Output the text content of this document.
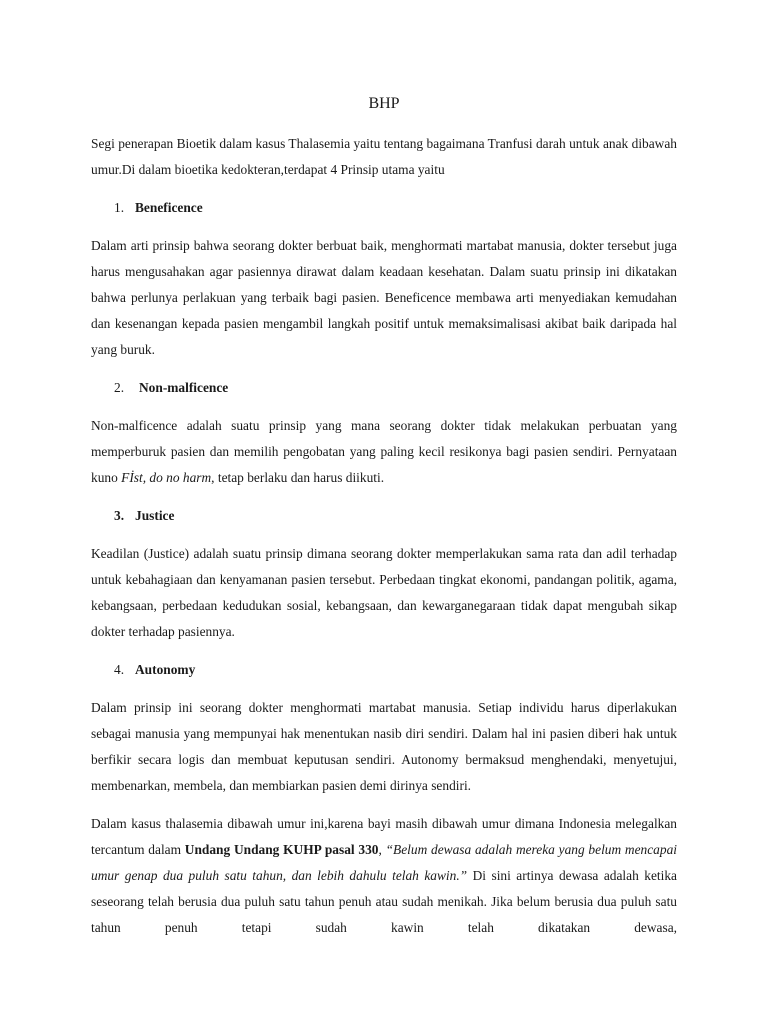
BHP

Segi penerapan Bioetik dalam kasus Thalasemia yaitu tentang bagaimana Tranfusi darah untuk anak dibawah umur.Di dalam bioetika kedokteran,terdapat 4 Prinsip utama yaitu

1. Beneficence

Dalam arti prinsip bahwa seorang dokter berbuat baik, menghormati martabat manusia, dokter tersebut juga harus mengusahakan agar pasiennya dirawat dalam keadaan kesehatan. Dalam suatu prinsip ini dikatakan bahwa perlunya perlakuan yang terbaik bagi pasien. Beneficence membawa arti menyediakan kemudahan dan kesenangan kepada pasien mengambil langkah positif untuk memaksimalisasi akibat baik daripada hal yang buruk.

2.	Non-malficence

Non-malficence adalah suatu prinsip yang mana seorang dokter tidak melakukan perbuatan yang memperburuk pasien dan memilih pengobatan yang paling kecil resikonya bagi pasien sendiri. Pernyataan kuno Fİst, do no harm, tetap berlaku dan harus diikuti.

3. Justice

Keadilan (Justice) adalah suatu prinsip dimana seorang dokter memperlakukan sama rata dan adil terhadap untuk kebahagiaan dan kenyamanan pasien tersebut. Perbedaan tingkat ekonomi, pandangan politik, agama, kebangsaan, perbedaan kedudukan sosial, kebangsaan, dan kewarganegaraan tidak dapat mengubah sikap dokter terhadap pasiennya.

4. Autonomy

Dalam prinsip ini seorang dokter menghormati martabat manusia. Setiap individu harus diperlakukan sebagai manusia yang mempunyai hak menentukan nasib diri sendiri. Dalam hal ini pasien diberi hak untuk berfikir secara logis dan membuat keputusan sendiri. Autonomy bermaksud menghendaki, menyetujui, membenarkan, membela, dan membiarkan pasien demi dirinya sendiri.

Dalam kasus thalasemia dibawah umur ini,karena bayi masih dibawah umur dimana Indonesia melegalkan tercantum dalam Undang Undang KUHP pasal 330, “Belum dewasa adalah mereka yang belum mencapai umur genap dua puluh satu tahun, dan lebih dahulu telah kawin.” Di sini artinya dewasa adalah ketika seseorang telah berusia dua puluh satu tahun penuh atau sudah menikah. Jika belum berusia dua puluh satu tahun penuh tetapi sudah kawin telah dikatakan dewasa,
